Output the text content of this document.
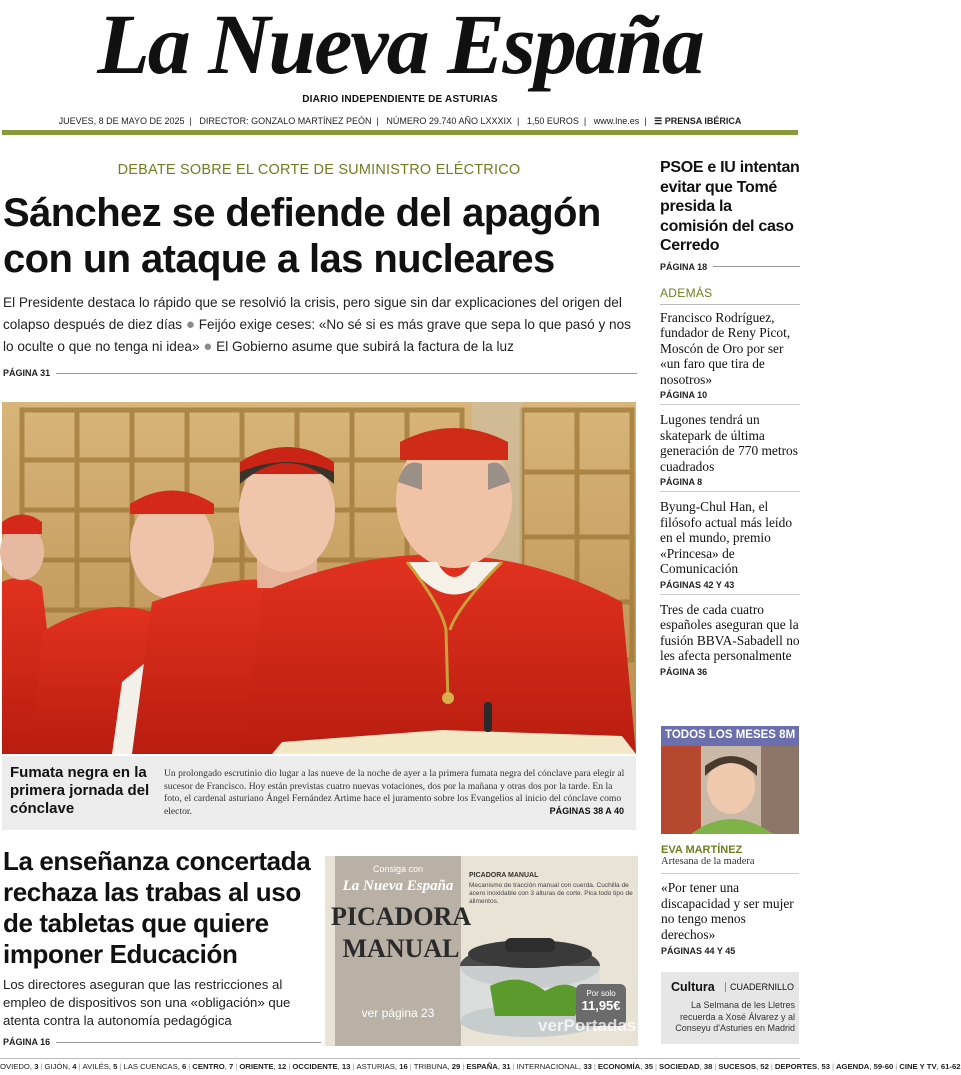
La Nueva España
DIARIO INDEPENDIENTE DE ASTURIAS
JUEVES, 8 DE MAYO DE 2025 | DIRECTOR: GONZALO MARTÍNEZ PEÓN | NÚMERO 29.740 AÑO LXXXIX | 1,50 EUROS | www.lne.es | ☰ PRENSA IBÉRICA
DEBATE SOBRE EL CORTE DE SUMINISTRO ELÉCTRICO
Sánchez se defiende del apagón con un ataque a las nucleares
El Presidente destaca lo rápido que se resolvió la crisis, pero sigue sin dar explicaciones del origen del colapso después de diez días ● Feijóo exige ceses: «No sé si es más grave que sepa lo que pasó y nos lo oculte o que no tenga ni idea» ● El Gobierno asume que subirá la factura de la luz
PÁGINA 31
Fumata negra en la primera jornada del cónclave
Un prolongado escrutinio dio lugar a las nueve de la noche de ayer a la primera fumata negra del cónclave para elegir al sucesor de Francisco. Hoy están previstas cuatro nuevas votaciones, dos por la mañana y otras dos por la tarde. En la foto, el cardenal asturiano Ángel Fernández Artime hace el juramento sobre los Evangelios al inicio del cónclave como elector.	PÁGINAS 38 A 40
La enseñanza concertada rechaza las trabas al uso de tabletas que quiere imponer Educación
Los directores aseguran que las restricciones al empleo de dispositivos son una «obligación» que atenta contra la autonomía pedagógica
PÁGINA 16
Consiga con
La Nueva España
PICADORA
MANUAL
ver página 23
PICADORA MANUAL
Mecanismo de tracción manual con cuerda. Cuchilla de acero inoxidable con 3 alturas de corte. Pica todo tipo de alimentos.
Por solo
11,95€
PSOE e IU intentan evitar que Tomé presida la comisión del caso Cerredo
PÁGINA 18
ADEMÁS
Francisco Rodríguez, fundador de Reny Picot, Moscón de Oro por ser «un faro que tira de nosotros»
PÁGINA 10
Lugones tendrá un skatepark de última generación de 770 metros cuadrados
PÁGINA 8
Byung-Chul Han, el filósofo actual más leído en el mundo, premio «Princesa» de Comunicación
PÁGINAS 42 Y 43
Tres de cada cuatro españoles aseguran que la fusión BBVA-Sabadell no les afecta personalmente
PÁGINA 36
TODOS LOS MESES 8M
EVA MARTÍNEZ
Artesana de la madera
«Por tener una discapacidad y ser mujer no tengo menos derechos»
PÁGINAS 44 Y 45
Cultura	CUADERNILLO
La Selmana de les Lletres recuerda a Xosé Álvarez y al Conseyu d'Asturies en Madrid
verPortadas
OVIEDO, 3 | GIJÓN, 4 | AVILÉS, 5 | LAS CUENCAS, 6 | CENTRO, 7 | ORIENTE, 12 | OCCIDENTE, 13 | ASTURIAS, 16 | TRIBUNA, 29 | ESPAÑA, 31 | INTERNACIONAL, 33 | ECONOMÍA, 35 | SOCIEDAD, 38 | SUCESOS, 52 | DEPORTES, 53 | AGENDA, 59-60 | CINE Y TV, 61-62
